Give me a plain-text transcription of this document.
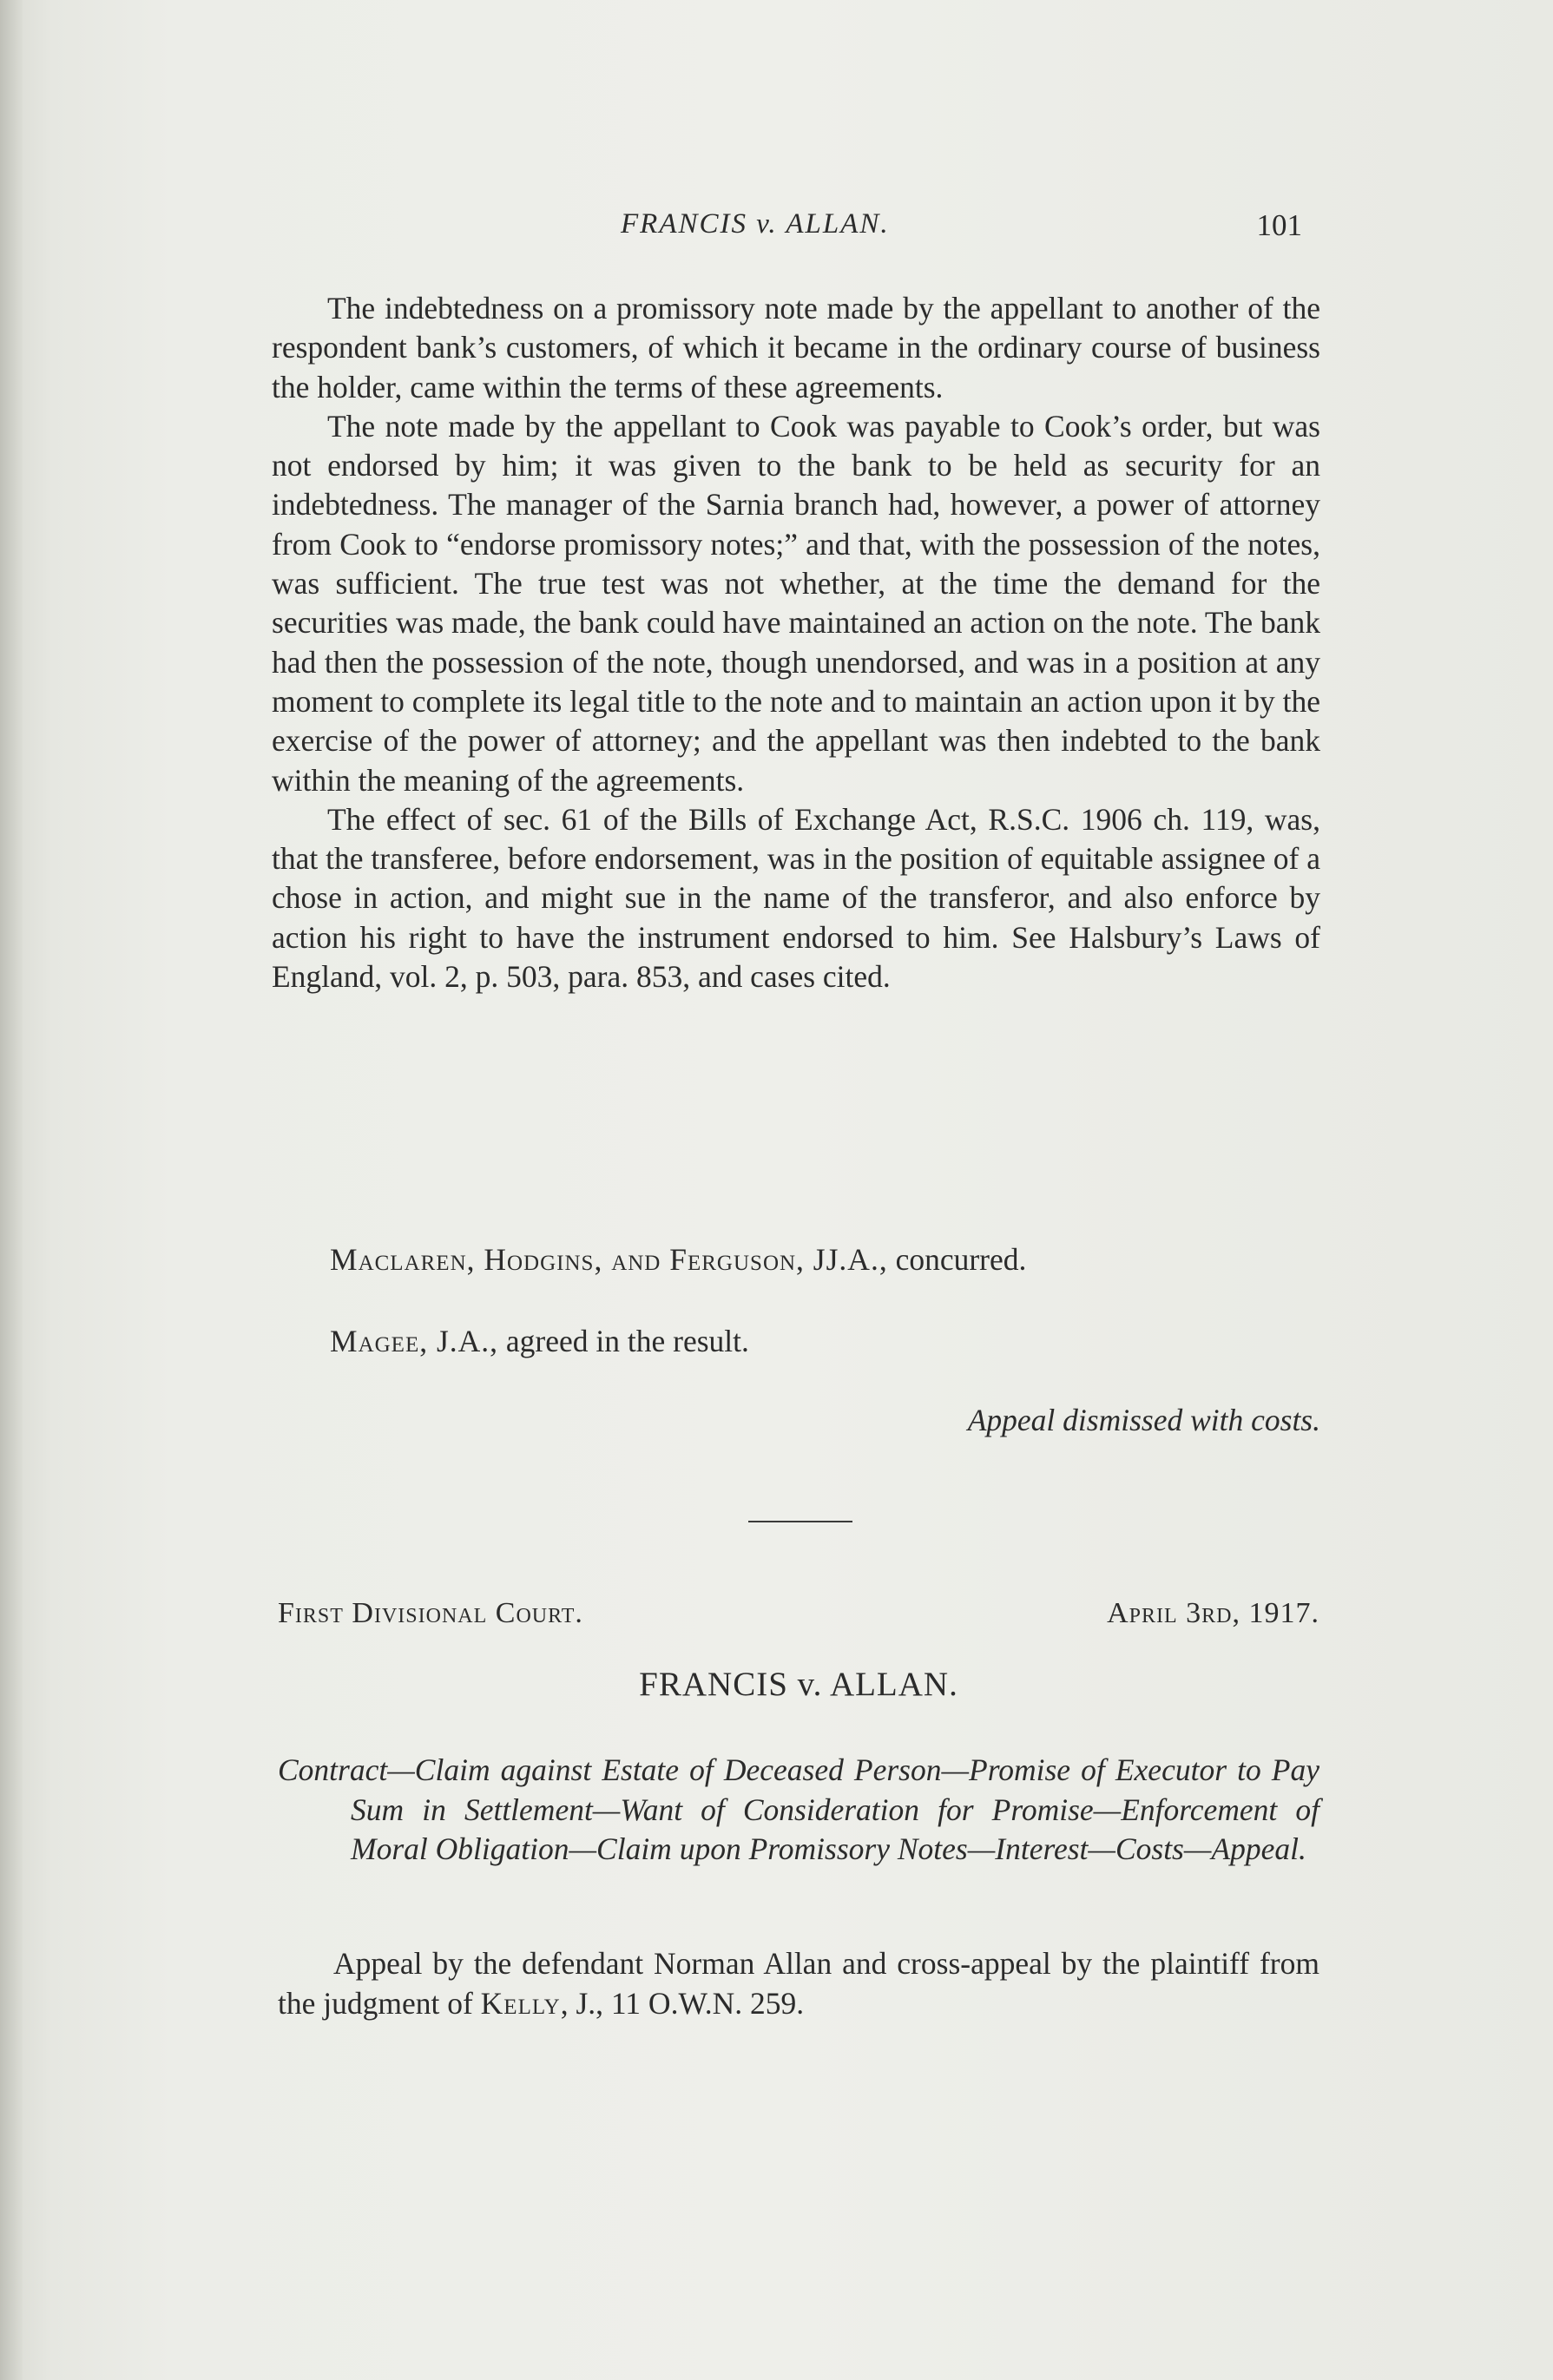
FRANCIS v. ALLAN.	101

The indebtedness on a promissory note made by the appellant to another of the respondent bank’s customers, of which it became in the ordinary course of business the holder, came within the terms of these agreements.

The note made by the appellant to Cook was payable to Cook’s order, but was not endorsed by him; it was given to the bank to be held as security for an indebtedness. The manager of the Sarnia branch had, however, a power of attorney from Cook to “endorse promissory notes;” and that, with the possession of the notes, was sufficient. The true test was not whether, at the time the demand for the securities was made, the bank could have maintained an action on the note. The bank had then the possession of the note, though unendorsed, and was in a position at any moment to complete its legal title to the note and to maintain an action upon it by the exercise of the power of attorney; and the appellant was then indebted to the bank within the meaning of the agreements.

The effect of sec. 61 of the Bills of Exchange Act, R.S.C. 1906 ch. 119, was, that the transferee, before endorsement, was in the position of equitable assignee of a chose in action, and might sue in the name of the transferor, and also enforce by action his right to have the instrument endorsed to him. See Halsbury’s Laws of England, vol. 2, p. 503, para. 853, and cases cited.

Maclaren, Hodgins, and Ferguson, JJ.A., concurred.
Magee, J.A., agreed in the result.
Appeal dismissed with costs.
First Divisional Court.	April 3rd, 1917.
FRANCIS v. ALLAN.
Contract—Claim against Estate of Deceased Person—Promise of Executor to Pay Sum in Settlement—Want of Consideration for Promise—Enforcement of Moral Obligation—Claim upon Promissory Notes—Interest—Costs—Appeal.
Appeal by the defendant Norman Allan and cross-appeal by the plaintiff from the judgment of Kelly, J., 11 O.W.N. 259.
